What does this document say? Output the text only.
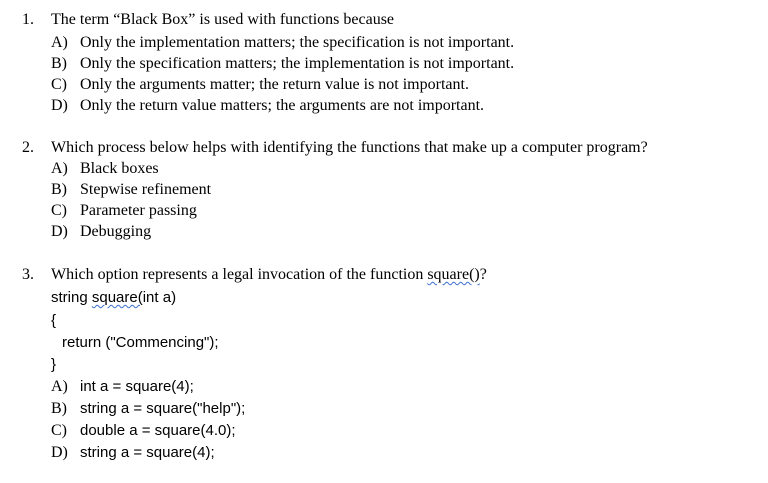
1. The term “Black Box” is used with functions because
A) Only the implementation matters; the specification is not important.
B) Only the specification matters; the implementation is not important.
C) Only the arguments matter; the return value is not important.
D) Only the return value matters; the arguments are not important.
2. Which process below helps with identifying the functions that make up a computer program?
A) Black boxes
B) Stepwise refinement
C) Parameter passing
D) Debugging
3. Which option represents a legal invocation of the function square()?
string square(int a)
{
return ("Commencing");
}
A) int a = square(4);
B) string a = square("help");
C) double a = square(4.0);
D) string a = square(4);
